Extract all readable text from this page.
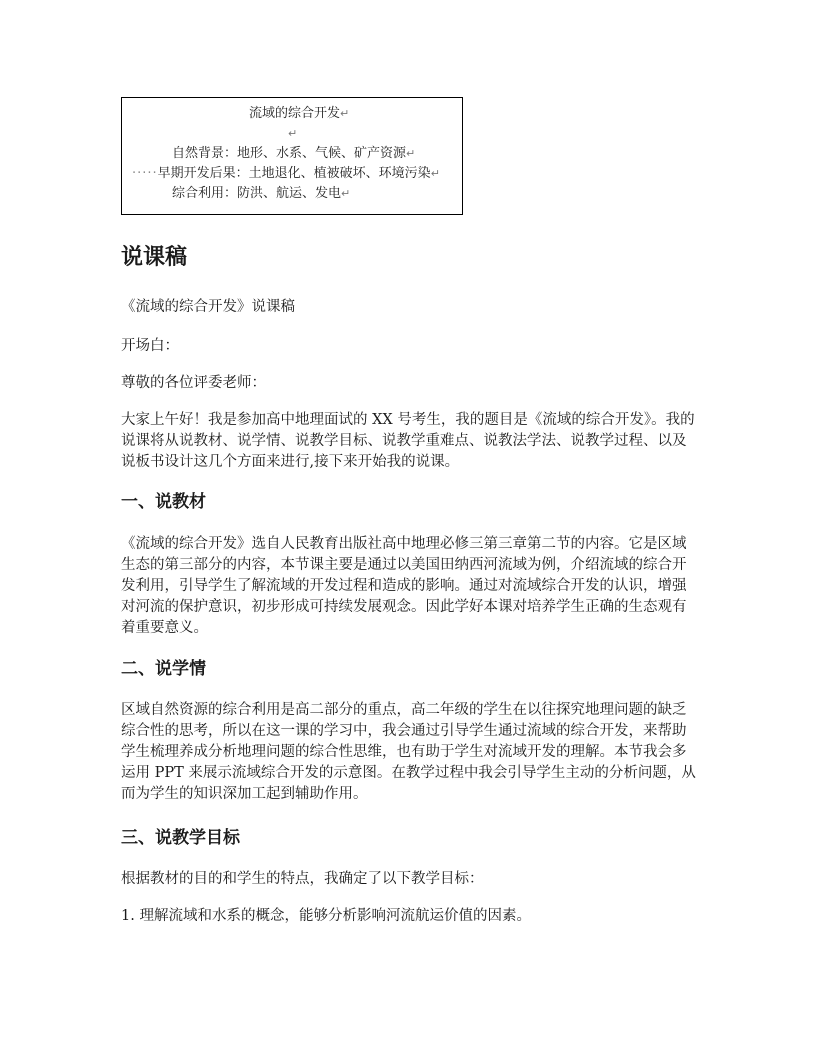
流域的综合开发↵
↵
自然背景：地形、水系、气候、矿产资源↵
·····早期开发后果：土地退化、植被破坏、环境污染↵
综合利用：防洪、航运、发电↵
说课稿

《流域的综合开发》说课稿

开场白：

尊敬的各位评委老师：

大家上午好！我是参加高中地理面试的 XX 号考生，我的题目是《流域的综合开发》。我的说课将从说教材、说学情、说教学目标、说教学重难点、说教法学法、说教学过程、以及说板书设计这几个方面来进行,接下来开始我的说课。

一、说教材

《流域的综合开发》选自人民教育出版社高中地理必修三第三章第二节的内容。它是区域生态的第三部分的内容，本节课主要是通过以美国田纳西河流域为例，介绍流域的综合开发利用，引导学生了解流域的开发过程和造成的影响。通过对流域综合开发的认识，增强对河流的保护意识，初步形成可持续发展观念。因此学好本课对培养学生正确的生态观有着重要意义。

二、说学情

区域自然资源的综合利用是高二部分的重点，高二年级的学生在以往探究地理问题的缺乏综合性的思考，所以在这一课的学习中，我会通过引导学生通过流域的综合开发，来帮助学生梳理养成分析地理问题的综合性思维，也有助于学生对流域开发的理解。本节我会多运用 PPT 来展示流域综合开发的示意图。在教学过程中我会引导学生主动的分析问题，从而为学生的知识深加工起到辅助作用。

三、说教学目标

根据教材的目的和学生的特点，我确定了以下教学目标：

1. 理解流域和水系的概念，能够分析影响河流航运价值的因素。
